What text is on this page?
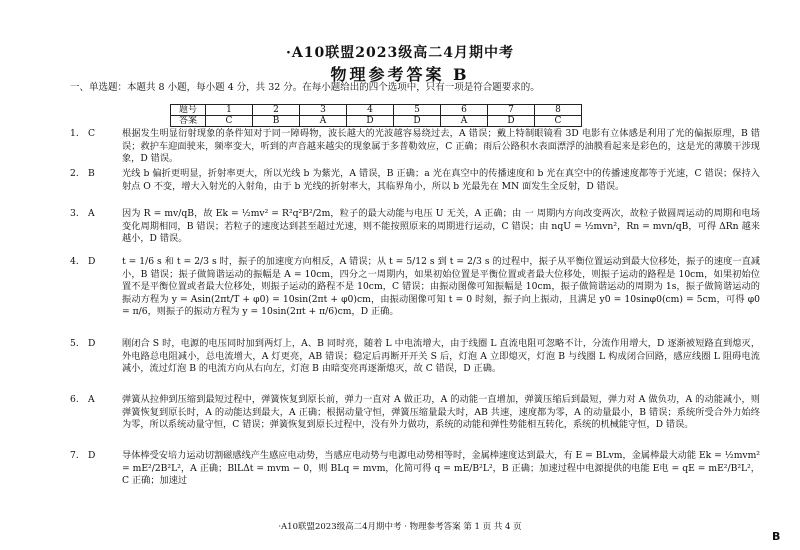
·A10联盟2023级高二4月期中考
物理参考答案 B
一、单选题：本题共 8 小题，每小题 4 分，共 32 分。在每小题给出的四个选项中，只有一项是符合题要求的。
题号	1	2	3	4	5	6	7	8
答案	C	B	A	D	D	A	D	C
1.	C	根据发生明显衍射现象的条件知对于同一障碍物，波长越大的光波越容易绕过去，A 错误；戴上特制眼镜看 3D 电影有立体感是利用了光的偏振原理，B 错误；救护车迎面驶来，频率变大，听到的声音越来越尖的现象属于多普勒效应，C 正确；雨后公路积水表面漂浮的油膜看起来是彩色的，这是光的薄膜干涉现象，D 错误。
2.	B	光线 b 偏折更明显，折射率更大，所以光线 b 为紫光，A 错误，B 正确；a 光在真空中的传播速度和 b 光在真空中的传播速度都等于光速，C 错误；保持入射点 O 不变，增大入射光的入射角，由于 b 光线的折射率大，其临界角小，所以 b 光最先在 MN 面发生全反射，D 错误。
3.	A	因为 R = mv/qB，故 Ek = ½mv² = R²q²B²/2m，粒子的最大动能与电压 U 无关，A 正确；由 一 周期内方向改变两次，故粒子做圆周运动的周期和电场变化周期相同，B 错误；若粒子的速度达到甚至超过光速，则不能按照原来的周期进行运动，C 错误；由 nqU = ½mvn²，Rn = mvn/qB，可得 ΔRn 越来越小，D 错误。
4.	D	t = 1/6 s 和 t = 2/3 s 时，振子的加速度方向相反，A 错误；从 t = 5/12 s 到 t = 2/3 s 的过程中，振子从平衡位置运动到最大位移处，振子的速度一直减小，B 错误；振子做简谐运动的振幅是 A = 10cm，四分之一周期内，如果初始位置是平衡位置或者最大位移处，则振子运动的路程是 10cm，如果初始位置不是平衡位置或者最大位移处，则振子运动的路程不是 10cm，C 错误；由振动图像可知振幅是 10cm，振子做简谐运动的周期为 1s，振子做简谐运动的振动方程为 y = Asin(2πt/T + φ0) = 10sin(2πt + φ0)cm，由振动图像可知 t = 0 时刻，振子向上振动，且满足 y0 = 10sinφ0(cm) = 5cm，可得 φ0 = π/6，则振子的振动方程为 y = 10sin(2πt + π/6)cm，D 正确。
5.	D	刚闭合 S 时，电源的电压同时加到两灯上，A、B 同时亮，随着 L 中电流增大，由于线圈 L 直流电阻可忽略不计，分流作用增大，D 逐渐被短路直到熄灭，外电路总电阻减小，总电流增大，A 灯更亮，AB 错误；稳定后再断开开关 S 后，灯泡 A 立即熄灭，灯泡 B 与线圈 L 构成闭合回路，感应线圈 L 阻碍电流减小，流过灯泡 B 的电流方向从右向左，灯泡 B 由暗变亮再逐渐熄灭，故 C 错误，D 正确。
6.	A	弹簧从拉伸到压缩到最短过程中，弹簧恢复到原长前，弹力一直对 A 做正功，A 的动能一直增加，弹簧压缩后到最短，弹力对 A 做负功，A 的动能减小，则弹簧恢复到原长时，A 的动能达到最大，A 正确；根据动量守恒，弹簧压缩量最大时，AB 共速，速度都为零，A 的动量最小，B 错误；系统所受合外力始终为零，所以系统动量守恒，C 错误；弹簧恢复到原长过程中，没有外力做功，系统的动能和弹性势能相互转化，系统的机械能守恒，D 错误。
7.	D	导体棒受安培力运动切割磁感线产生感应电动势，当感应电动势与电源电动势相等时，金属棒速度达到最大，有 E = BLvm，金属棒最大动能 Ek = ½mvm² = mE²/2B²L²，A 正确；BlLΔt = mvm − 0，则 BLq = mvm，化简可得 q = mE/B²L²，B 正确；加速过程中电源提供的电能 E电 = qE = mE²/B²L²，C 正确；加速过
·A10联盟2023级高二4月期中考 · 物理参考答案 第 1 页 共 4 页
B
